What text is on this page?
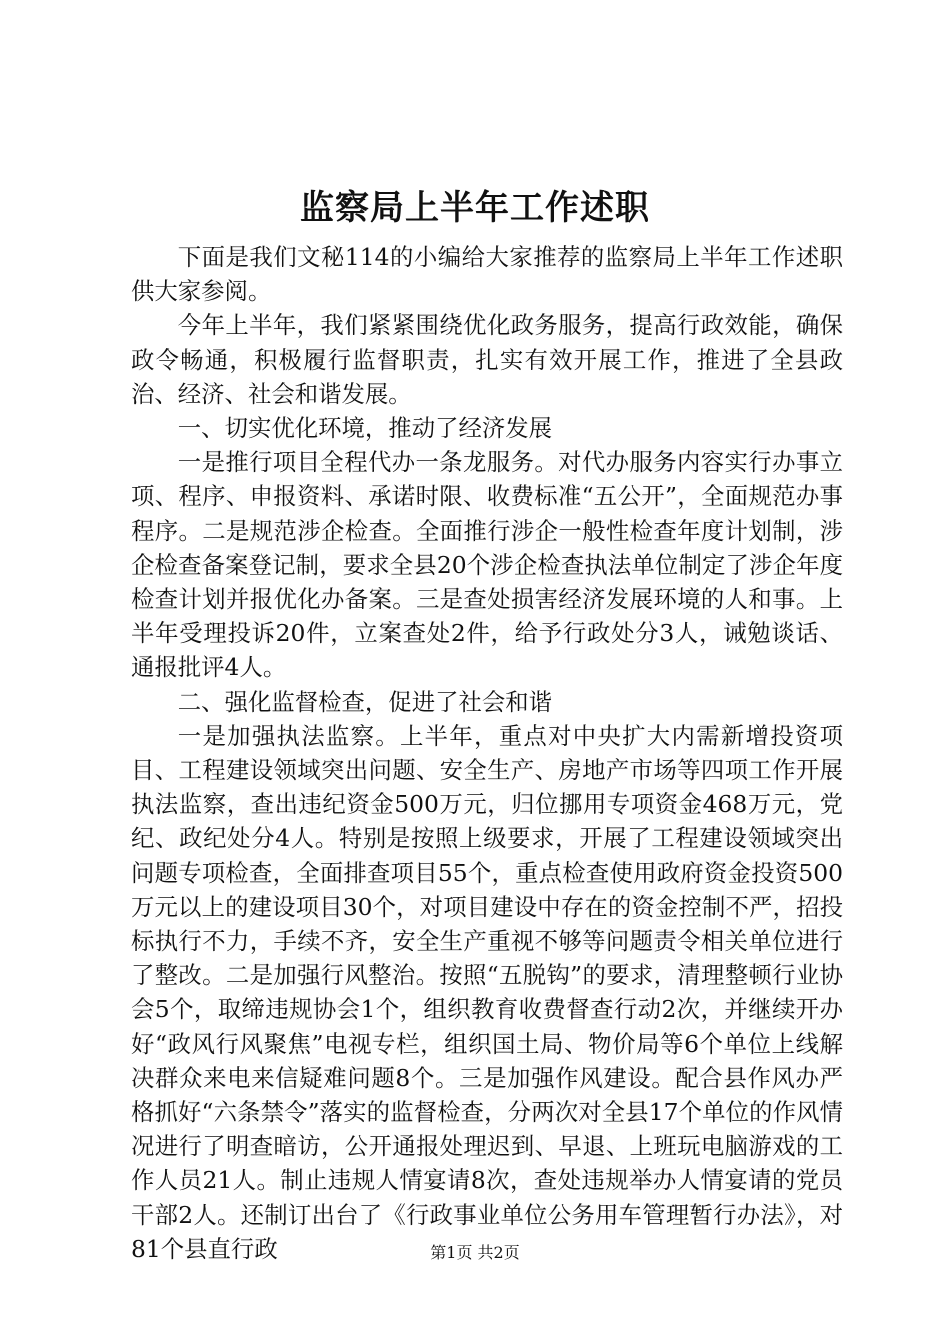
监察局上半年工作述职

下面是我们文秘114的小编给大家推荐的监察局上半年工作述职供大家参阅。

今年上半年，我们紧紧围绕优化政务服务，提高行政效能，确保政令畅通，积极履行监督职责，扎实有效开展工作，推进了全县政治、经济、社会和谐发展。

一、切实优化环境，推动了经济发展

一是推行项目全程代办一条龙服务。对代办服务内容实行办事立项、程序、申报资料、承诺时限、收费标准“五公开”，全面规范办事程序。二是规范涉企检查。全面推行涉企一般性检查年度计划制，涉企检查备案登记制，要求全县20个涉企检查执法单位制定了涉企年度检查计划并报优化办备案。三是查处损害经济发展环境的人和事。上半年受理投诉20件，立案查处2件，给予行政处分3人，诫勉谈话、通报批评4人。

二、强化监督检查，促进了社会和谐

一是加强执法监察。上半年，重点对中央扩大内需新增投资项目、工程建设领域突出问题、安全生产、房地产市场等四项工作开展执法监察，查出违纪资金500万元，归位挪用专项资金468万元，党纪、政纪处分4人。特别是按照上级要求，开展了工程建设领域突出问题专项检查，全面排查项目55个，重点检查使用政府资金投资500万元以上的建设项目30个，对项目建设中存在的资金控制不严，招投标执行不力，手续不齐，安全生产重视不够等问题责令相关单位进行了整改。二是加强行风整治。按照“五脱钩”的要求，清理整顿行业协会5个，取缔违规协会1个，组织教育收费督查行动2次，并继续开办好“政风行风聚焦”电视专栏，组织国土局、物价局等6个单位上线解决群众来电来信疑难问题8个。三是加强作风建设。配合县作风办严格抓好“六条禁令”落实的监督检查，分两次对全县17个单位的作风情况进行了明查暗访，公开通报处理迟到、早退、上班玩电脑游戏的工作人员21人。制止违规人情宴请8次，查处违规举办人情宴请的党员干部2人。还制订出台了《行政事业单位公务用车管理暂行办法》，对81个县直行政	第1页 共2页
